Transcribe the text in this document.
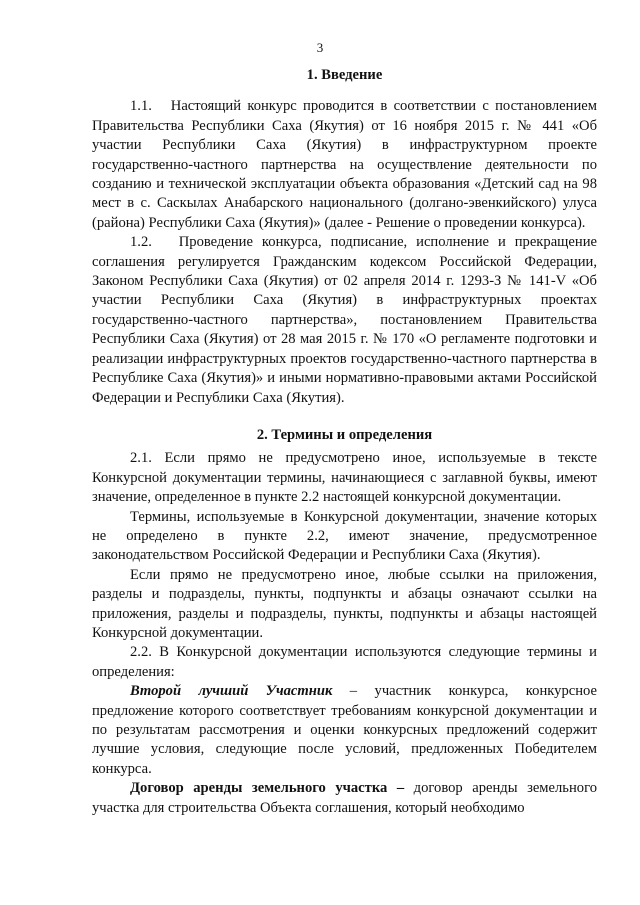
3
1. Введение

1.1.   Настоящий конкурс проводится в соответствии с постановлением Правительства Республики Саха (Якутия) от 16 ноября 2015 г. № 441 «Об участии Республики Саха (Якутия) в инфраструктурном проекте государственно-частного партнерства на осуществление деятельности по созданию и технической эксплуатации объекта образования «Детский сад на 98 мест в с. Саскылах Анабарского национального (долгано-эвенкийского) улуса (района) Республики Саха (Якутия)» (далее - Решение о проведении конкурса).

1.2.   Проведение конкурса, подписание, исполнение и прекращение соглашения регулируется Гражданским кодексом Российской Федерации, Законом Республики Саха (Якутия) от 02 апреля 2014 г. 1293-З № 141-V «Об участии Республики Саха (Якутия) в инфраструктурных проектах государственно-частного партнерства», постановлением Правительства Республики Саха (Якутия) от 28 мая 2015 г. № 170 «О регламенте подготовки и реализации инфраструктурных проектов государственно-частного партнерства в Республике Саха (Якутия)» и иными нормативно-правовыми актами Российской Федерации и Республики Саха (Якутия).

2. Термины и определения

2.1. Если прямо не предусмотрено иное, используемые в тексте Конкурсной документации термины, начинающиеся с заглавной буквы, имеют значение, определенное в пункте 2.2 настоящей конкурсной документации.

Термины, используемые в Конкурсной документации, значение которых не определено в пункте 2.2, имеют значение, предусмотренное законодательством Российской Федерации и Республики Саха (Якутия).

Если прямо не предусмотрено иное, любые ссылки на приложения, разделы и подразделы, пункты, подпункты и абзацы означают ссылки на приложения, разделы и подразделы, пункты, подпункты и абзацы настоящей Конкурсной документации.

2.2. В Конкурсной документации используются следующие термины и определения:

Второй лучший Участник – участник конкурса, конкурсное предложение которого соответствует требованиям конкурсной документации и по результатам рассмотрения и оценки конкурсных предложений содержит лучшие условия, следующие после условий, предложенных Победителем конкурса.

Договор аренды земельного участка – договор аренды земельного участка для строительства Объекта соглашения, который необходимо
